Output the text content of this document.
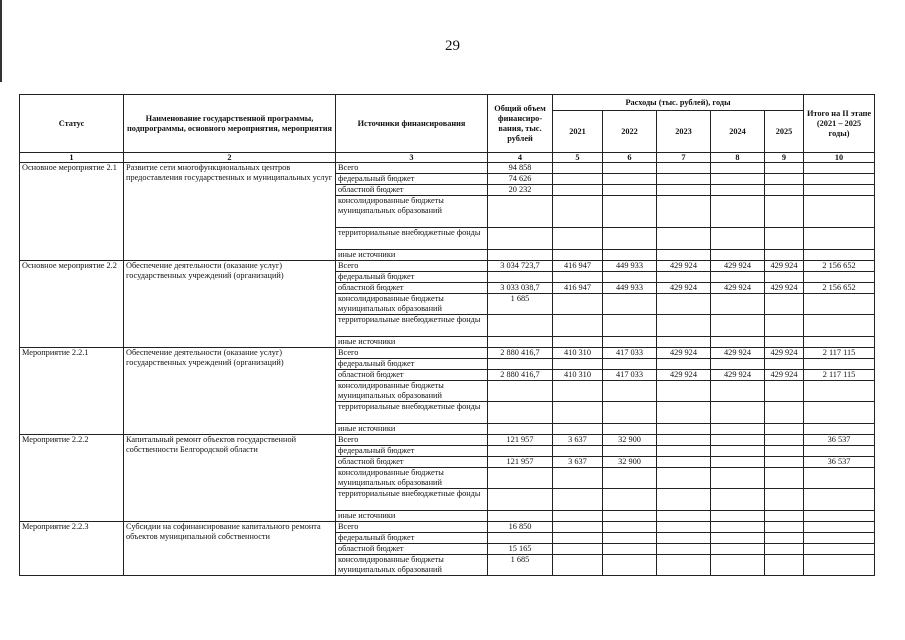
29
Статус	Наименование государственной программы, подпрограммы, основного мероприятия, мероприятия	Источники финансирования	Общий объем финансиро-вания, тыс. рублей	Расходы (тыс. рублей), годы					Итого на II этапе (2021 – 2025 годы)
				2021	2022	2023	2024	2025	
1	2	3	4	5	6	7	8	9	10
Основное мероприятие 2.1	Развитие сети многофункциональных центров предоставления государственных и муниципальных услуг	Всего	94 858						
		федеральный бюджет	74 626						
		областной бюджет	20 232						
		консолидированные бюджеты муниципальных образований							
		территориальные внебюджетные фонды							
		иные источники							
Основное мероприятие 2.2	Обеспечение деятельности (оказание услуг) государственных учреждений (организаций)	Всего	3 034 723,7	416 947	449 933	429 924	429 924	429 924	2 156 652
		федеральный бюджет							
		областной бюджет	3 033 038,7	416 947	449 933	429 924	429 924	429 924	2 156 652
		консолидированные бюджеты муниципальных образований	1 685						
		территориальные внебюджетные фонды							
		иные источники							
Мероприятие 2.2.1	Обеспечение деятельности (оказание услуг) государственных учреждений (организаций)	Всего	2 880 416,7	410 310	417 033	429 924	429 924	429 924	2 117 115
		федеральный бюджет							
		областной бюджет	2 880 416,7	410 310	417 033	429 924	429 924	429 924	2 117 115
		консолидированные бюджеты муниципальных образований							
		территориальные внебюджетные фонды							
		иные источники							
Мероприятие 2.2.2	Капитальный ремонт объектов государственной собственности Белгородской области	Всего	121 957	3 637	32 900				36 537
		федеральный бюджет							
		областной бюджет	121 957	3 637	32 900				36 537
		консолидированные бюджеты муниципальных образований							
		территориальные внебюджетные фонды							
		иные источники							
Мероприятие 2.2.3	Субсидии на софинансирование капитального ремонта объектов муниципальной собственности	Всего	16 850						
		федеральный бюджет							
		областной бюджет	15 165						
		консолидированные бюджеты муниципальных образований	1 685						
